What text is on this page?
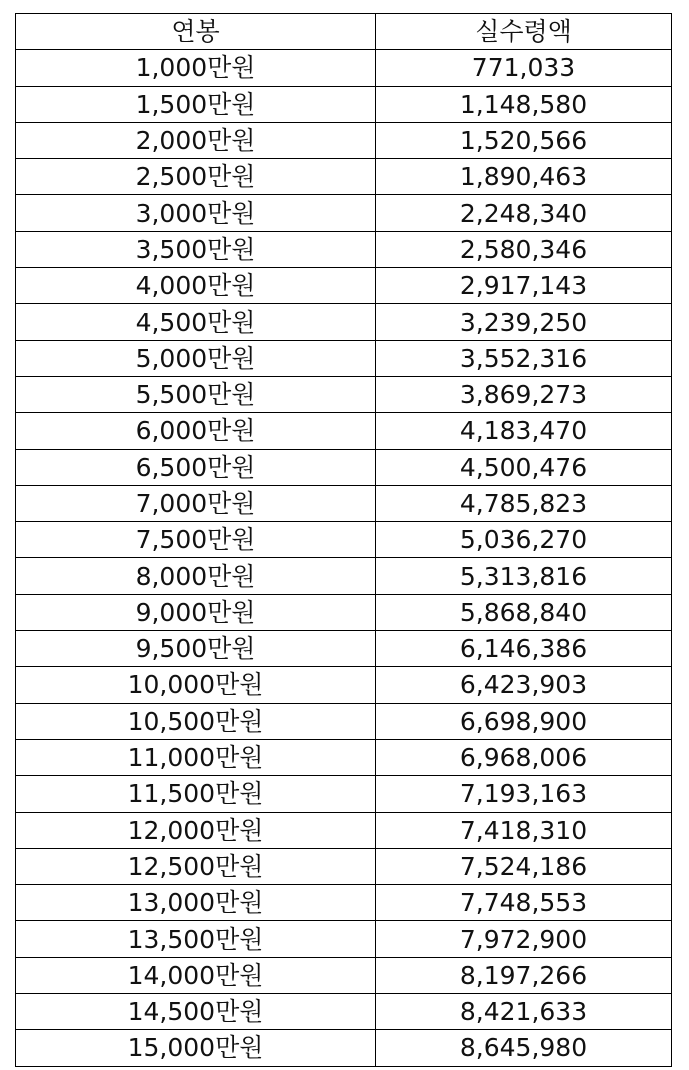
연봉	실수령액
1,000만원	771,033
1,500만원	1,148,580
2,000만원	1,520,566
2,500만원	1,890,463
3,000만원	2,248,340
3,500만원	2,580,346
4,000만원	2,917,143
4,500만원	3,239,250
5,000만원	3,552,316
5,500만원	3,869,273
6,000만원	4,183,470
6,500만원	4,500,476
7,000만원	4,785,823
7,500만원	5,036,270
8,000만원	5,313,816
9,000만원	5,868,840
9,500만원	6,146,386
10,000만원	6,423,903
10,500만원	6,698,900
11,000만원	6,968,006
11,500만원	7,193,163
12,000만원	7,418,310
12,500만원	7,524,186
13,000만원	7,748,553
13,500만원	7,972,900
14,000만원	8,197,266
14,500만원	8,421,633
15,000만원	8,645,980
